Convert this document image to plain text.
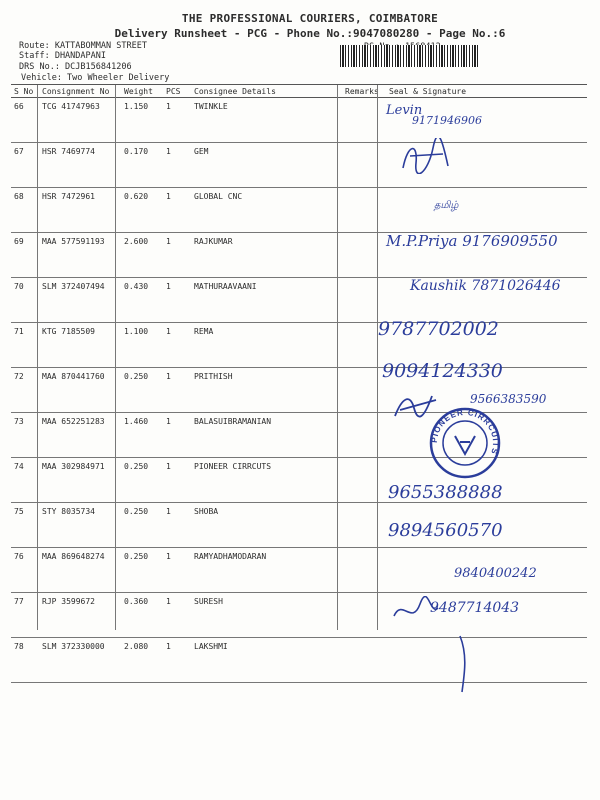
THE PROFESSIONAL COURIERS, COIMBATORE
Delivery Runsheet - PCG - Phone No.:9047080280 - Page No.:6
Route: KATTABOMMAN STREET
Staff: DHANDAPANI
DRS No.: DCJB156841206
Vehicle: Two Wheeler Delivery
S No	Consignment No	Weight	PCS	Consignee Details	Remarks	Seal & Signature
66	TCG 41747963	1.150	1	TWINKLE		
67	HSR 7469774	0.170	1	GEM		
68	HSR 7472961	0.620	1	GLOBAL CNC		
69	MAA 577591193	2.600	1	RAJKUMAR		
70	SLM 372407494	0.430	1	MATHURAAVAANI		
71	KTG 7185509	1.100	1	REMA		
72	MAA 870441760	0.250	1	PRITHISH		
73	MAA 652251283	1.460	1	BALASUIBRAMANIAN		
74	MAA 302984971	0.250	1	PIONEER CIRRCUTS		
75	STY 8035734	0.250	1	SHOBA		
76	MAA 869648274	0.250	1	RAMYADHAMODARAN		
77	RJP 3599672	0.360	1	SURESH		
78	SLM 372330000	2.080	1	LAKSHMI		
Levin
9171946906
தமிழ்
M.P.Priya 9176909550
Kaushik 7871026446
9787702002
9094124330
9566383590
PIONEER CIRRCUITS
9655388888
9894560570
9840400242
9487714043
